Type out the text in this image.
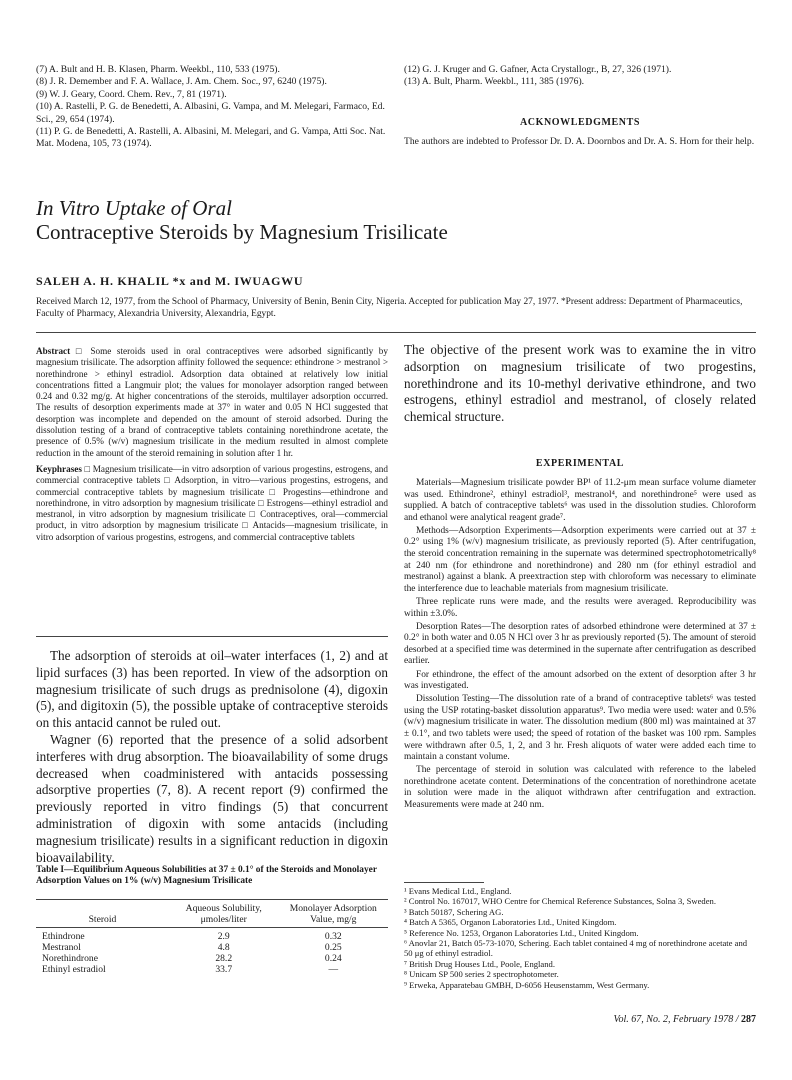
(7) A. Bult and H. B. Klasen, Pharm. Weekbl., 110, 533 (1975).

(8) J. R. Demember and F. A. Wallace, J. Am. Chem. Soc., 97, 6240 (1975).

(9) W. J. Geary, Coord. Chem. Rev., 7, 81 (1971).

(10) A. Rastelli, P. G. de Benedetti, A. Albasini, G. Vampa, and M. Melegari, Farmaco, Ed. Sci., 29, 654 (1974).

(11) P. G. de Benedetti, A. Rastelli, A. Albasini, M. Melegari, and G. Vampa, Atti Soc. Nat. Mat. Modena, 105, 73 (1974).

(12) G. J. Kruger and G. Gafner, Acta Crystallogr., B, 27, 326 (1971).

(13) A. Bult, Pharm. Weekbl., 111, 385 (1976).

ACKNOWLEDGMENTS
The authors are indebted to Professor Dr. D. A. Doornbos and Dr. A. S. Horn for their help.
In Vitro Uptake of Oral
Contraceptive Steroids by Magnesium Trisilicate
SALEH A. H. KHALIL *x and M. IWUAGWU
Received March 12, 1977, from the School of Pharmacy, University of Benin, Benin City, Nigeria. Accepted for publication May 27, 1977. *Present address: Department of Pharmaceutics, Faculty of Pharmacy, Alexandria University, Alexandria, Egypt.

Abstract □ Some steroids used in oral contraceptives were adsorbed significantly by magnesium trisilicate. The adsorption affinity followed the sequence: ethindrone > mestranol > norethindrone > ethinyl estradiol. Adsorption data obtained at relatively low initial concentrations fitted a Langmuir plot; the values for monolayer adsorption ranged between 0.24 and 0.32 mg/g. At higher concentrations of the steroids, multilayer adsorption occurred. The results of desorption experiments made at 37° in water and 0.05 N HCl suggested that desorption was incomplete and depended on the amount of steroid adsorbed. During the dissolution testing of a brand of contraceptive tablets containing norethindrone acetate, the presence of 0.5% (w/v) magnesium trisilicate in the medium resulted in almost complete reduction in the amount of the steroid remaining in solution after 1 hr.

Keyphrases □ Magnesium trisilicate—in vitro adsorption of various progestins, estrogens, and commercial contraceptive tablets □ Adsorption, in vitro—various progestins, estrogens, and commercial contraceptive tablets by magnesium trisilicate □ Progestins—ethindrone and norethindrone, in vitro adsorption by magnesium trisilicate □ Estrogens—ethinyl estradiol and mestranol, in vitro adsorption by magnesium trisilicate □ Contraceptives, oral—commercial product, in vitro adsorption by magnesium trisilicate □ Antacids—magnesium trisilicate, in vitro adsorption of various progestins, estrogens, and commercial contraceptive tablets

The adsorption of steroids at oil–water interfaces (1, 2) and at lipid surfaces (3) has been reported. In view of the adsorption on magnesium trisilicate of such drugs as prednisolone (4), digoxin (5), and digitoxin (5), the possible uptake of contraceptive steroids on this antacid cannot be ruled out.

Wagner (6) reported that the presence of a solid adsorbent interferes with drug absorption. The bioavailability of some drugs decreased when coadministered with antacids possessing adsorptive properties (7, 8). A recent report (9) confirmed the previously reported in vitro findings (5) that concurrent administration of digoxin with some antacids (including magnesium trisilicate) results in a significant reduction in digoxin bioavailability.

Table I—Equilibrium Aqueous Solubilities at 37 ± 0.1° of the Steroids and Monolayer Adsorption Values on 1% (w/v) Magnesium Trisilicate
Steroid	Aqueous Solubility, μmoles/liter	Monolayer Adsorption Value, mg/g

Ethindrone	2.9	0.32
Mestranol	4.8	0.25
Norethindrone	28.2	0.24
Ethinyl estradiol	33.7	—
The objective of the present work was to examine the in vitro adsorption on magnesium trisilicate of two progestins, norethindrone and its 10-methyl derivative ethindrone, and two estrogens, ethinyl estradiol and mestranol, of closely related chemical structure.
EXPERIMENTAL

Materials—Magnesium trisilicate powder BP¹ of 11.2-μm mean surface volume diameter was used. Ethindrone², ethinyl estradiol³, mestranol⁴, and norethindrone⁵ were used as supplied. A batch of contraceptive tablets⁶ was used in the dissolution studies. Chloroform and ethanol were analytical reagent grade⁷.

Methods—Adsorption Experiments—Adsorption experiments were carried out at 37 ± 0.2° using 1% (w/v) magnesium trisilicate, as previously reported (5). After centrifugation, the steroid concentration remaining in the supernate was determined spectrophotometrically⁸ at 240 nm (for ethindrone and norethindrone) and 280 nm (for ethinyl estradiol and mestranol) against a blank. A preextraction step with chloroform was necessary to eliminate the interference due to leachable materials from magnesium trisilicate.

Three replicate runs were made, and the results were averaged. Reproducibility was within ±3.0%.

Desorption Rates—The desorption rates of adsorbed ethindrone were determined at 37 ± 0.2° in both water and 0.05 N HCl over 3 hr as previously reported (5). The amount of steroid desorbed at a specified time was determined in the supernate after centrifugation as described earlier.

For ethindrone, the effect of the amount adsorbed on the extent of desorption after 3 hr was investigated.

Dissolution Testing—The dissolution rate of a brand of contraceptive tablets⁶ was tested using the USP rotating-basket dissolution apparatus⁹. Two media were used: water and 0.5% (w/v) magnesium trisilicate in water. The dissolution medium (800 ml) was maintained at 37 ± 0.1°, and two tablets were used; the speed of rotation of the basket was 100 rpm. Samples were withdrawn after 0.5, 1, 2, and 3 hr. Fresh aliquots of water were added each time to maintain a constant volume.

The percentage of steroid in solution was calculated with reference to the labeled norethindrone acetate content. Determinations of the concentration of norethindrone acetate in solution were made in the aliquot withdrawn after centrifugation and extraction. Measurements were made at 240 nm.

¹ Evans Medical Ltd., England.

² Control No. 167017, WHO Centre for Chemical Reference Substances, Solna 3, Sweden.

³ Batch 50187, Schering AG.

⁴ Batch A 5365, Organon Laboratories Ltd., United Kingdom.

⁵ Reference No. 1253, Organon Laboratories Ltd., United Kingdom.

⁶ Anovlar 21, Batch 05-73-1070, Schering. Each tablet contained 4 mg of norethindrone acetate and 50 μg of ethinyl estradiol.

⁷ British Drug Houses Ltd., Poole, England.

⁸ Unicam SP 500 series 2 spectrophotometer.

⁹ Erweka, Apparatebau GMBH, D-6056 Heusenstamm, West Germany.

Vol. 67, No. 2, February 1978 / 287
